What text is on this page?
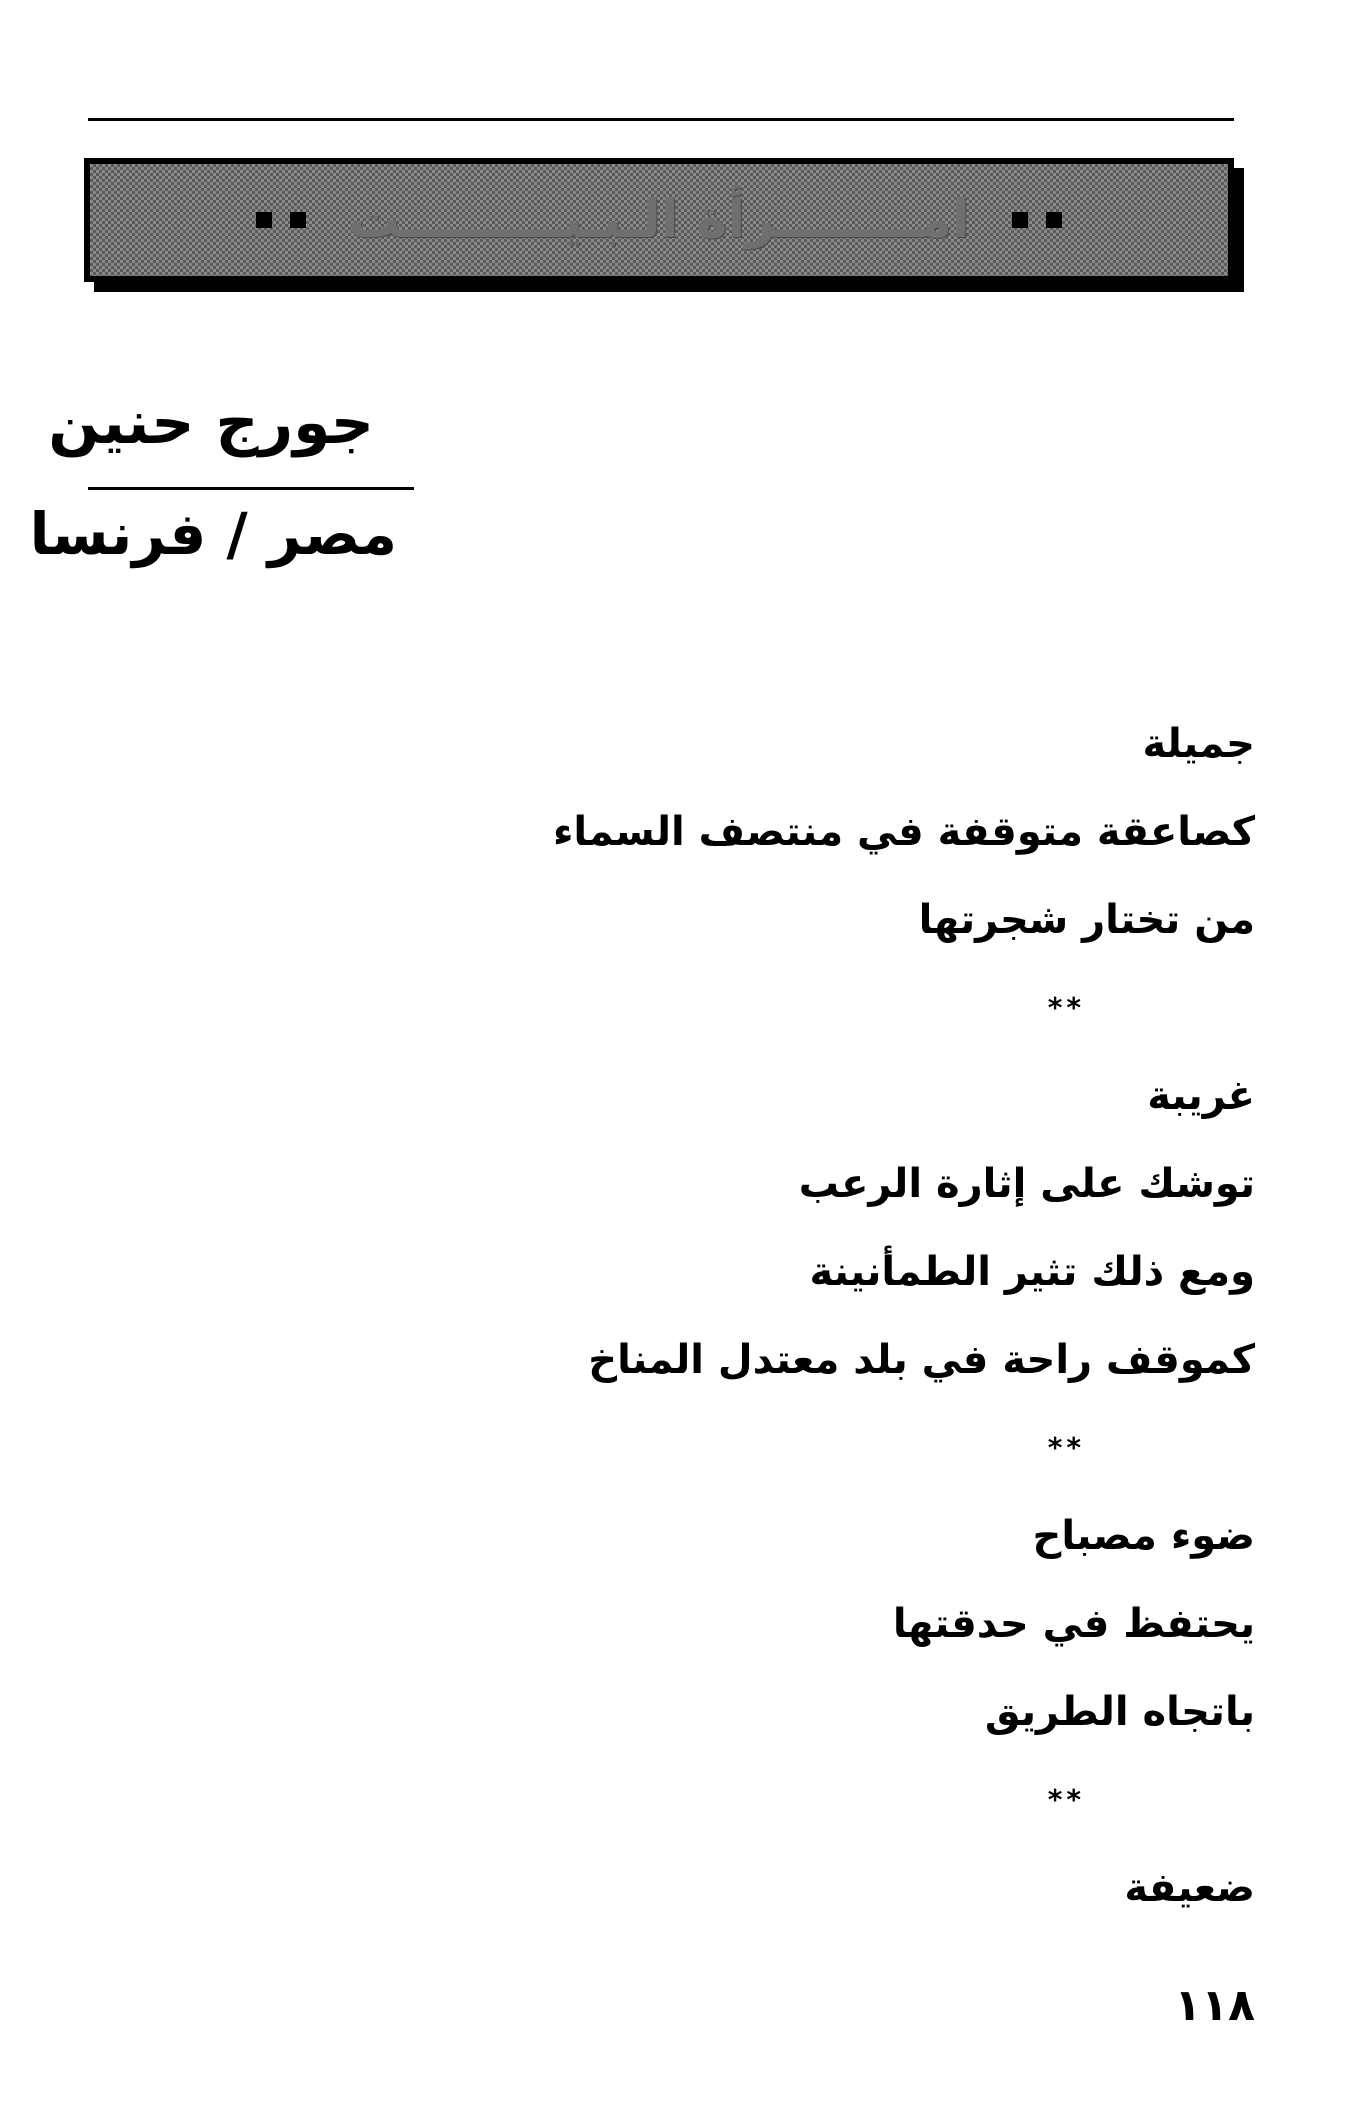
امــــــــرأة الـبـيـــــــــت
جورج حنين
مصر / فرنسا
جميلة
كصاعقة متوقفة في منتصف السماء
من تختار شجرتها
**
غريبة
توشك على إثارة الرعب
ومع ذلك تثير الطمأنينة
كموقف راحة في بلد معتدل المناخ
**
ضوء مصباح
يحتفظ في حدقتها
باتجاه الطريق
**
ضعيفة
١١٨
